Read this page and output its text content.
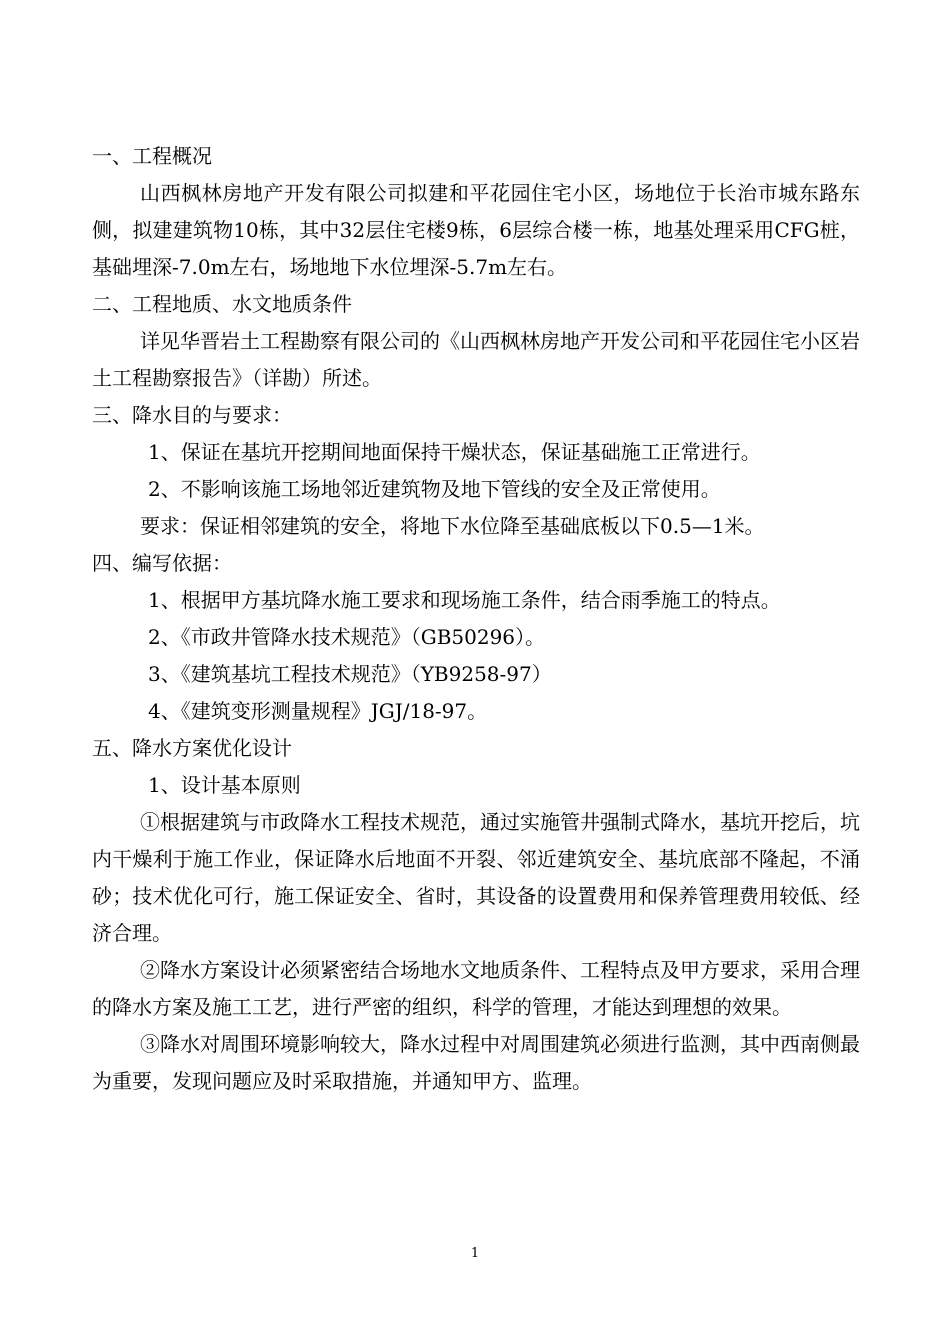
一、工程概况
山西枫林房地产开发有限公司拟建和平花园住宅小区，场地位于长治市城东路东侧，拟建建筑物10栋，其中32层住宅楼9栋，6层综合楼一栋，地基处理采用CFG桩，基础埋深-7.0m左右，场地地下水位埋深-5.7m左右。
二、工程地质、水文地质条件
详见华晋岩土工程勘察有限公司的《山西枫林房地产开发公司和平花园住宅小区岩土工程勘察报告》（详勘）所述。
三、降水目的与要求：
1、保证在基坑开挖期间地面保持干燥状态，保证基础施工正常进行。
2、不影响该施工场地邻近建筑物及地下管线的安全及正常使用。
要求：保证相邻建筑的安全，将地下水位降至基础底板以下0.5—1米。
四、编写依据：
1、根据甲方基坑降水施工要求和现场施工条件，结合雨季施工的特点。
2、《市政井管降水技术规范》（GB50296）。
3、《建筑基坑工程技术规范》（YB9258-97）
4、《建筑变形测量规程》JGJ/18-97。
五、降水方案优化设计
1、设计基本原则
①根据建筑与市政降水工程技术规范，通过实施管井强制式降水，基坑开挖后，坑内干燥利于施工作业，保证降水后地面不开裂、邻近建筑安全、基坑底部不隆起，不涌砂；技术优化可行，施工保证安全、省时，其设备的设置费用和保养管理费用较低、经济合理。
②降水方案设计必须紧密结合场地水文地质条件、工程特点及甲方要求，采用合理的降水方案及施工工艺，进行严密的组织，科学的管理，才能达到理想的效果。
③降水对周围环境影响较大，降水过程中对周围建筑必须进行监测，其中西南侧最为重要，发现问题应及时采取措施，并通知甲方、监理。
1
